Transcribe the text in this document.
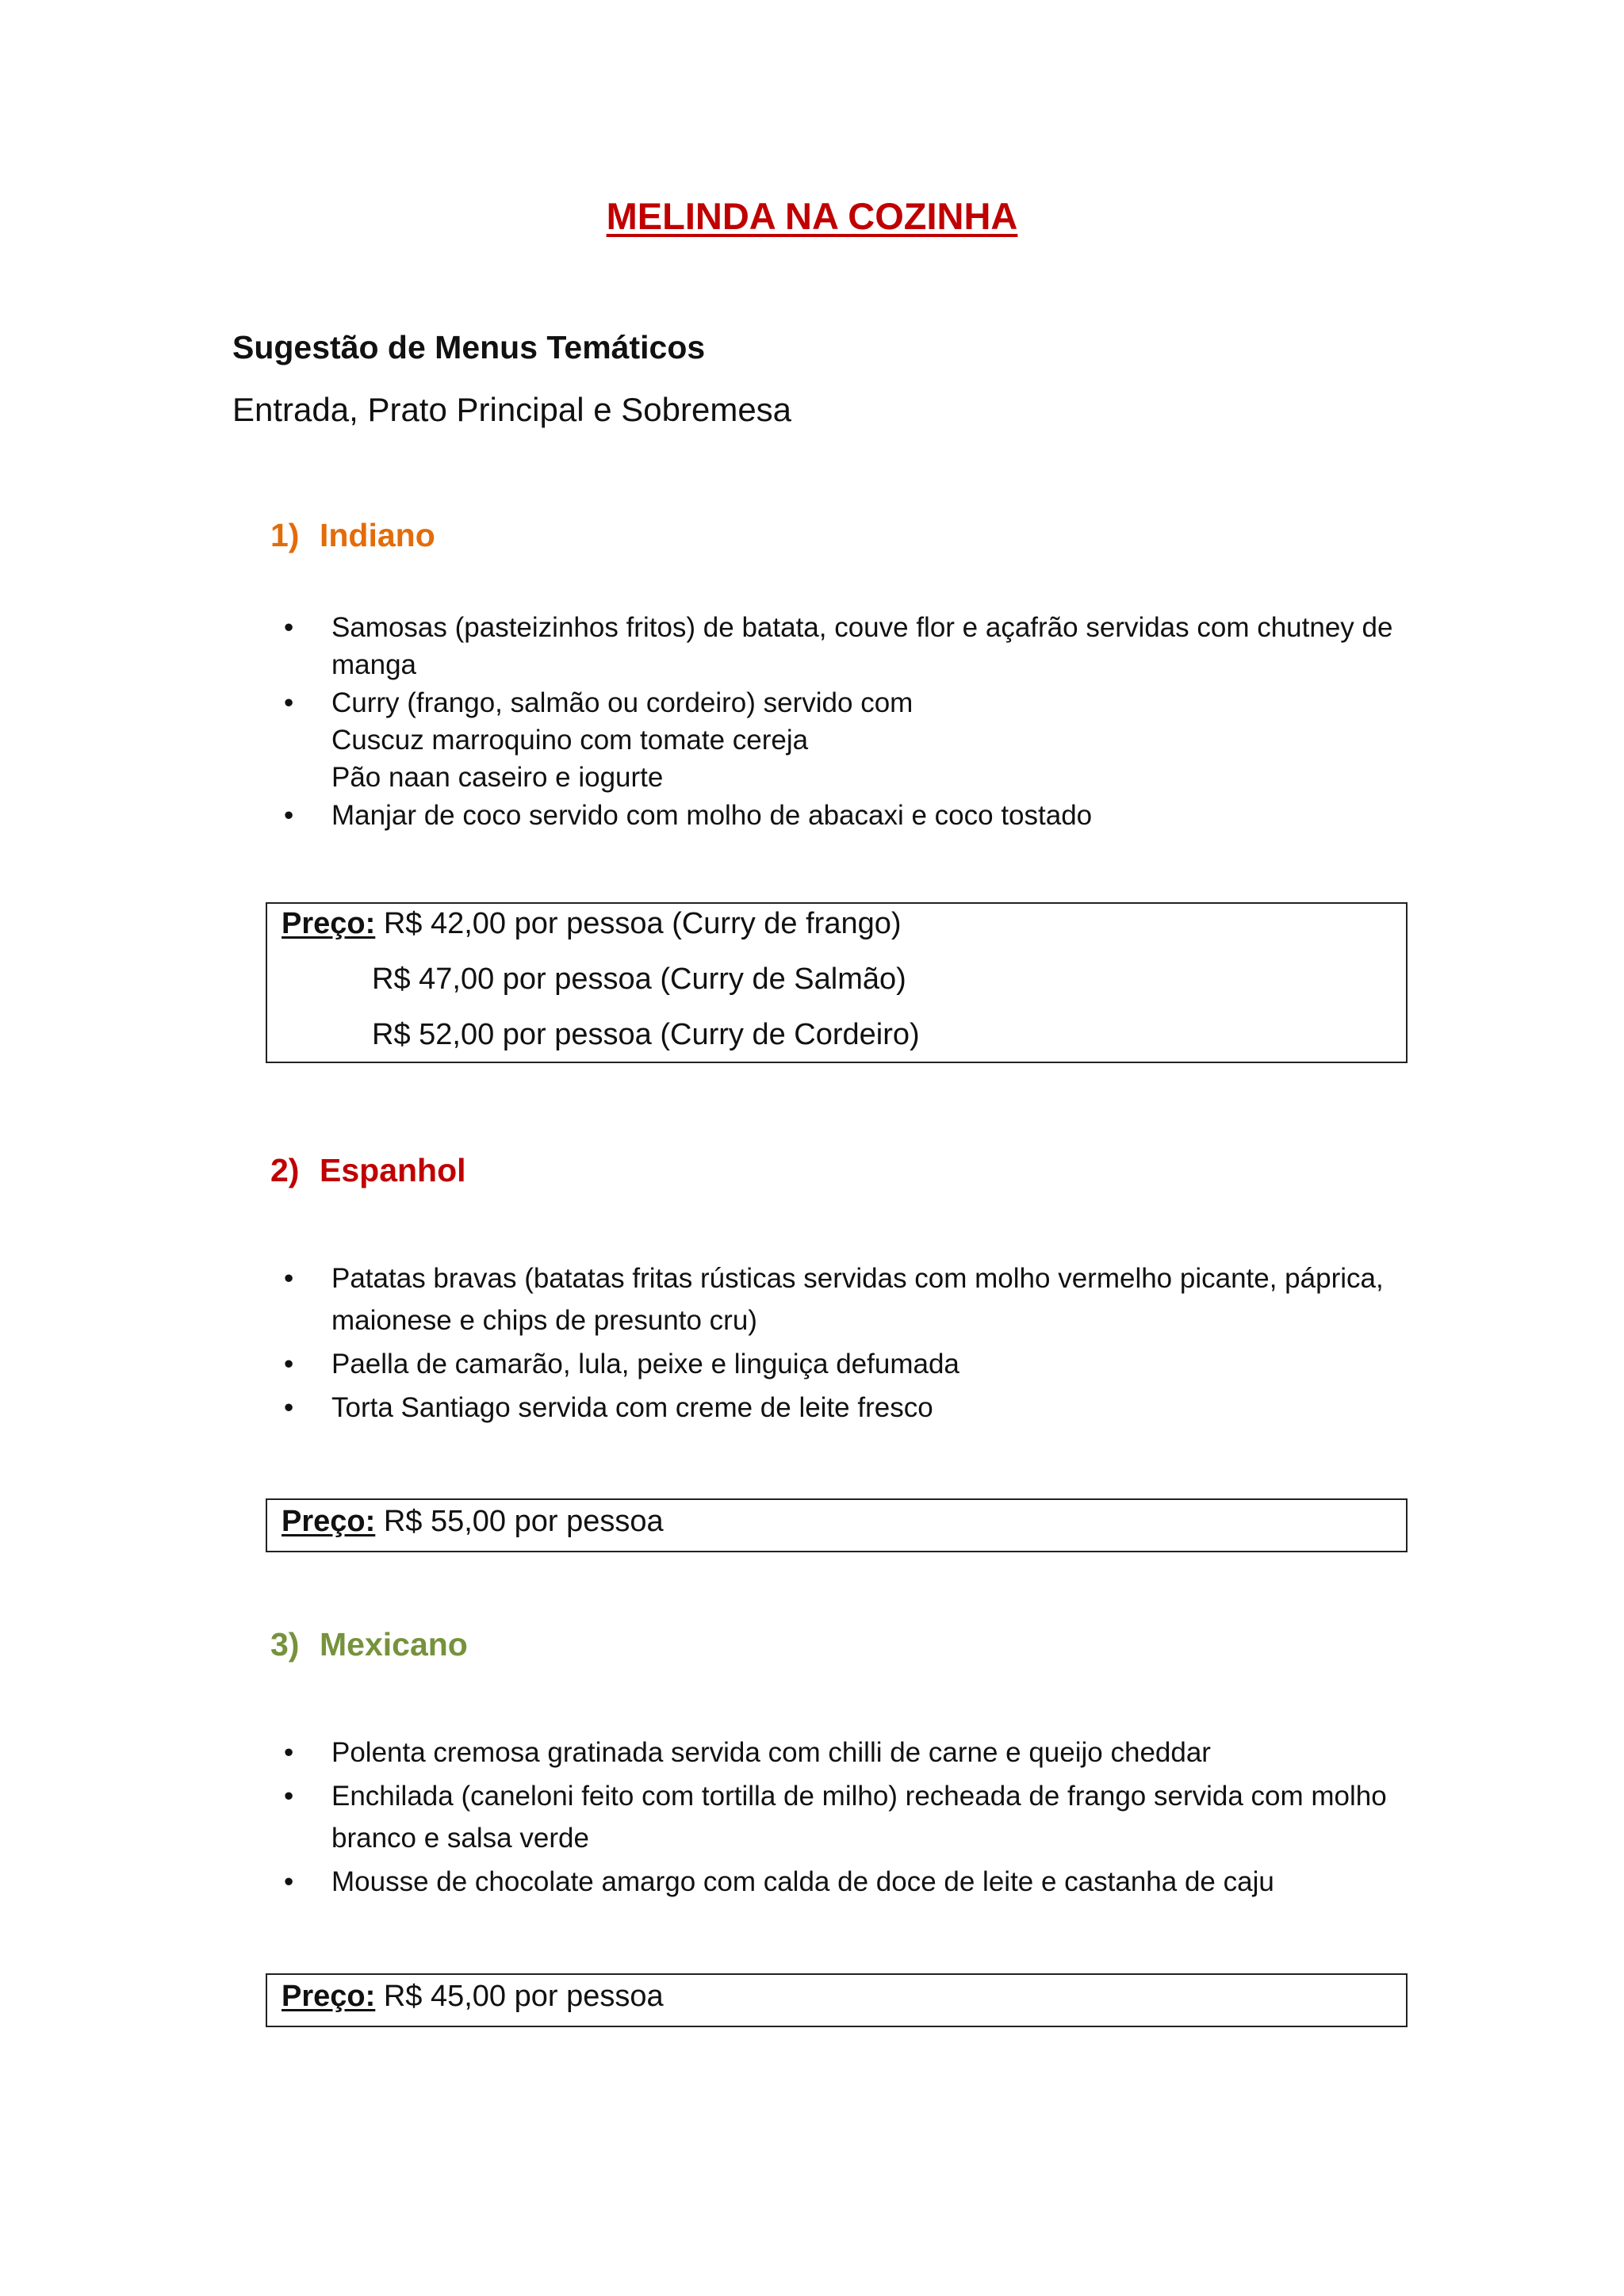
MELINDA NA COZINHA
Sugestão de Menus Temáticos
Entrada, Prato Principal e Sobremesa
1) Indiano
• Samosas (pasteizinhos fritos) de batata, couve flor e açafrão servidas com chutney de
manga
• Curry (frango, salmão ou cordeiro) servido com
Cuscuz marroquino com tomate cereja
Pão naan caseiro e iogurte
• Manjar de coco servido com molho de abacaxi e coco tostado
Preço: R$ 42,00 por pessoa (Curry de frango)
R$ 47,00 por pessoa (Curry de Salmão)
R$ 52,00 por pessoa (Curry de Cordeiro)
2) Espanhol
• Patatas bravas (batatas fritas rústicas servidas com molho vermelho picante, páprica,
maionese e chips de presunto cru)
• Paella de camarão, lula, peixe e linguiça defumada
• Torta Santiago servida com creme de leite fresco
Preço: R$ 55,00 por pessoa
3) Mexicano
• Polenta cremosa gratinada servida com chilli de carne e queijo cheddar
• Enchilada (caneloni feito com tortilla de milho) recheada de frango servida com molho
branco e salsa verde
• Mousse de chocolate amargo com calda de doce de leite e castanha de caju
Preço: R$ 45,00 por pessoa
